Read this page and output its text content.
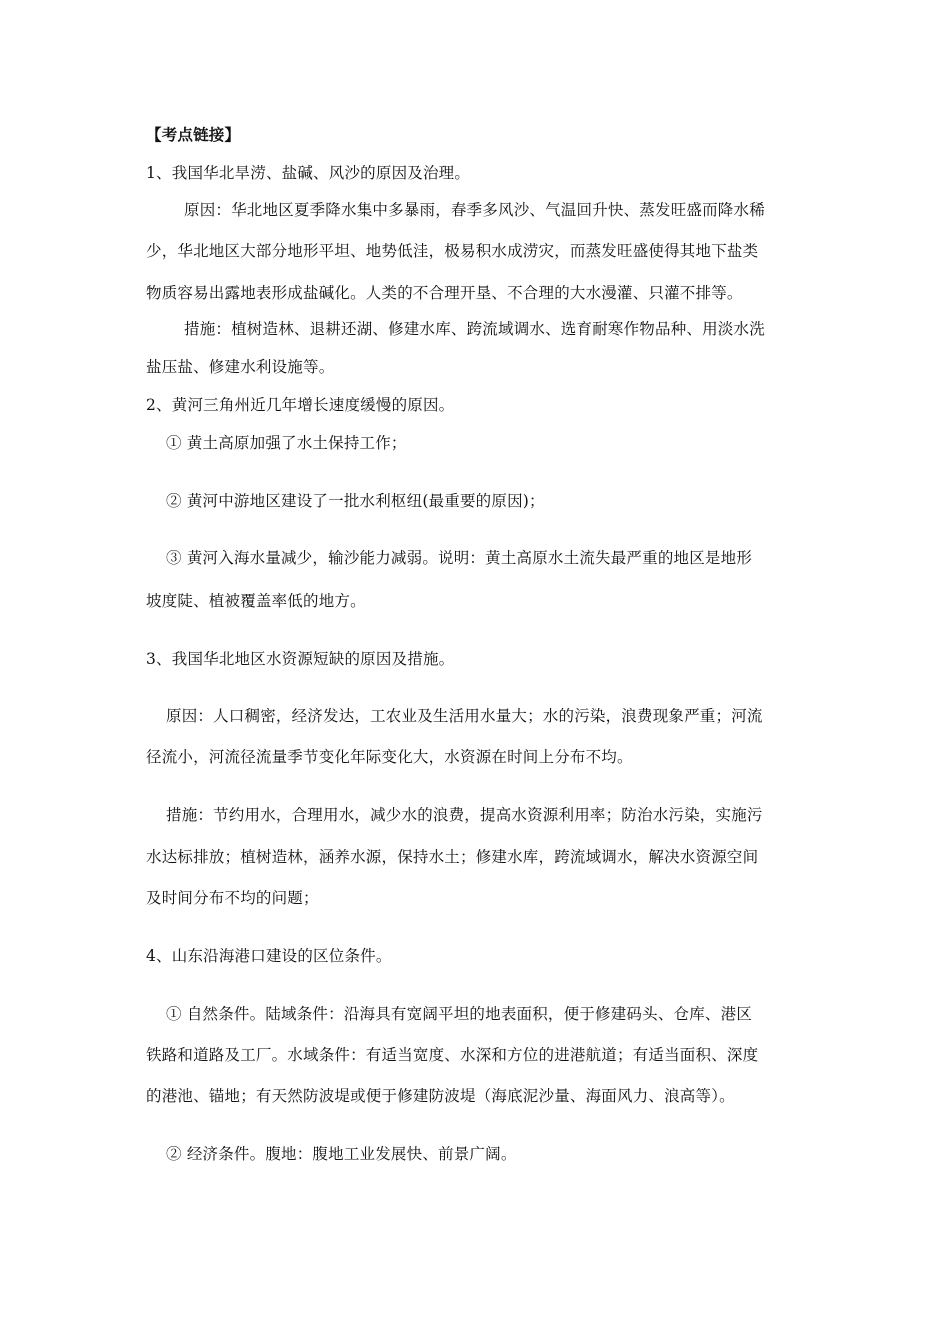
【考点链接】
1、我国华北旱涝、盐碱、风沙的原因及治理。
原因：华北地区夏季降水集中多暴雨，春季多风沙、气温回升快、蒸发旺盛而降水稀
少，华北地区大部分地形平坦、地势低洼，极易积水成涝灾，而蒸发旺盛使得其地下盐类
物质容易出露地表形成盐碱化。人类的不合理开垦、不合理的大水漫灌、只灌不排等。
措施：植树造林、退耕还湖、修建水库、跨流域调水、选育耐寒作物品种、用淡水洗
盐压盐、修建水利设施等。
2、黄河三角州近几年增长速度缓慢的原因。
① 黄土高原加强了水土保持工作；
② 黄河中游地区建设了一批水利枢纽(最重要的原因)；
③ 黄河入海水量减少，输沙能力减弱。说明：黄土高原水土流失最严重的地区是地形
坡度陡、植被覆盖率低的地方。
3、我国华北地区水资源短缺的原因及措施。
原因：人口稠密，经济发达，工农业及生活用水量大；水的污染，浪费现象严重；河流
径流小，河流径流量季节变化年际变化大，水资源在时间上分布不均。
措施：节约用水，合理用水，减少水的浪费，提高水资源利用率；防治水污染，实施污
水达标排放；植树造林，涵养水源，保持水土；修建水库，跨流域调水，解决水资源空间
及时间分布不均的问题；
4、山东沿海港口建设的区位条件。
① 自然条件。陆域条件：沿海具有宽阔平坦的地表面积，便于修建码头、仓库、港区
铁路和道路及工厂。水域条件：有适当宽度、水深和方位的进港航道；有适当面积、深度
的港池、锚地；有天然防波堤或便于修建防波堤（海底泥沙量、海面风力、浪高等）。
② 经济条件。腹地：腹地工业发展快、前景广阔。
